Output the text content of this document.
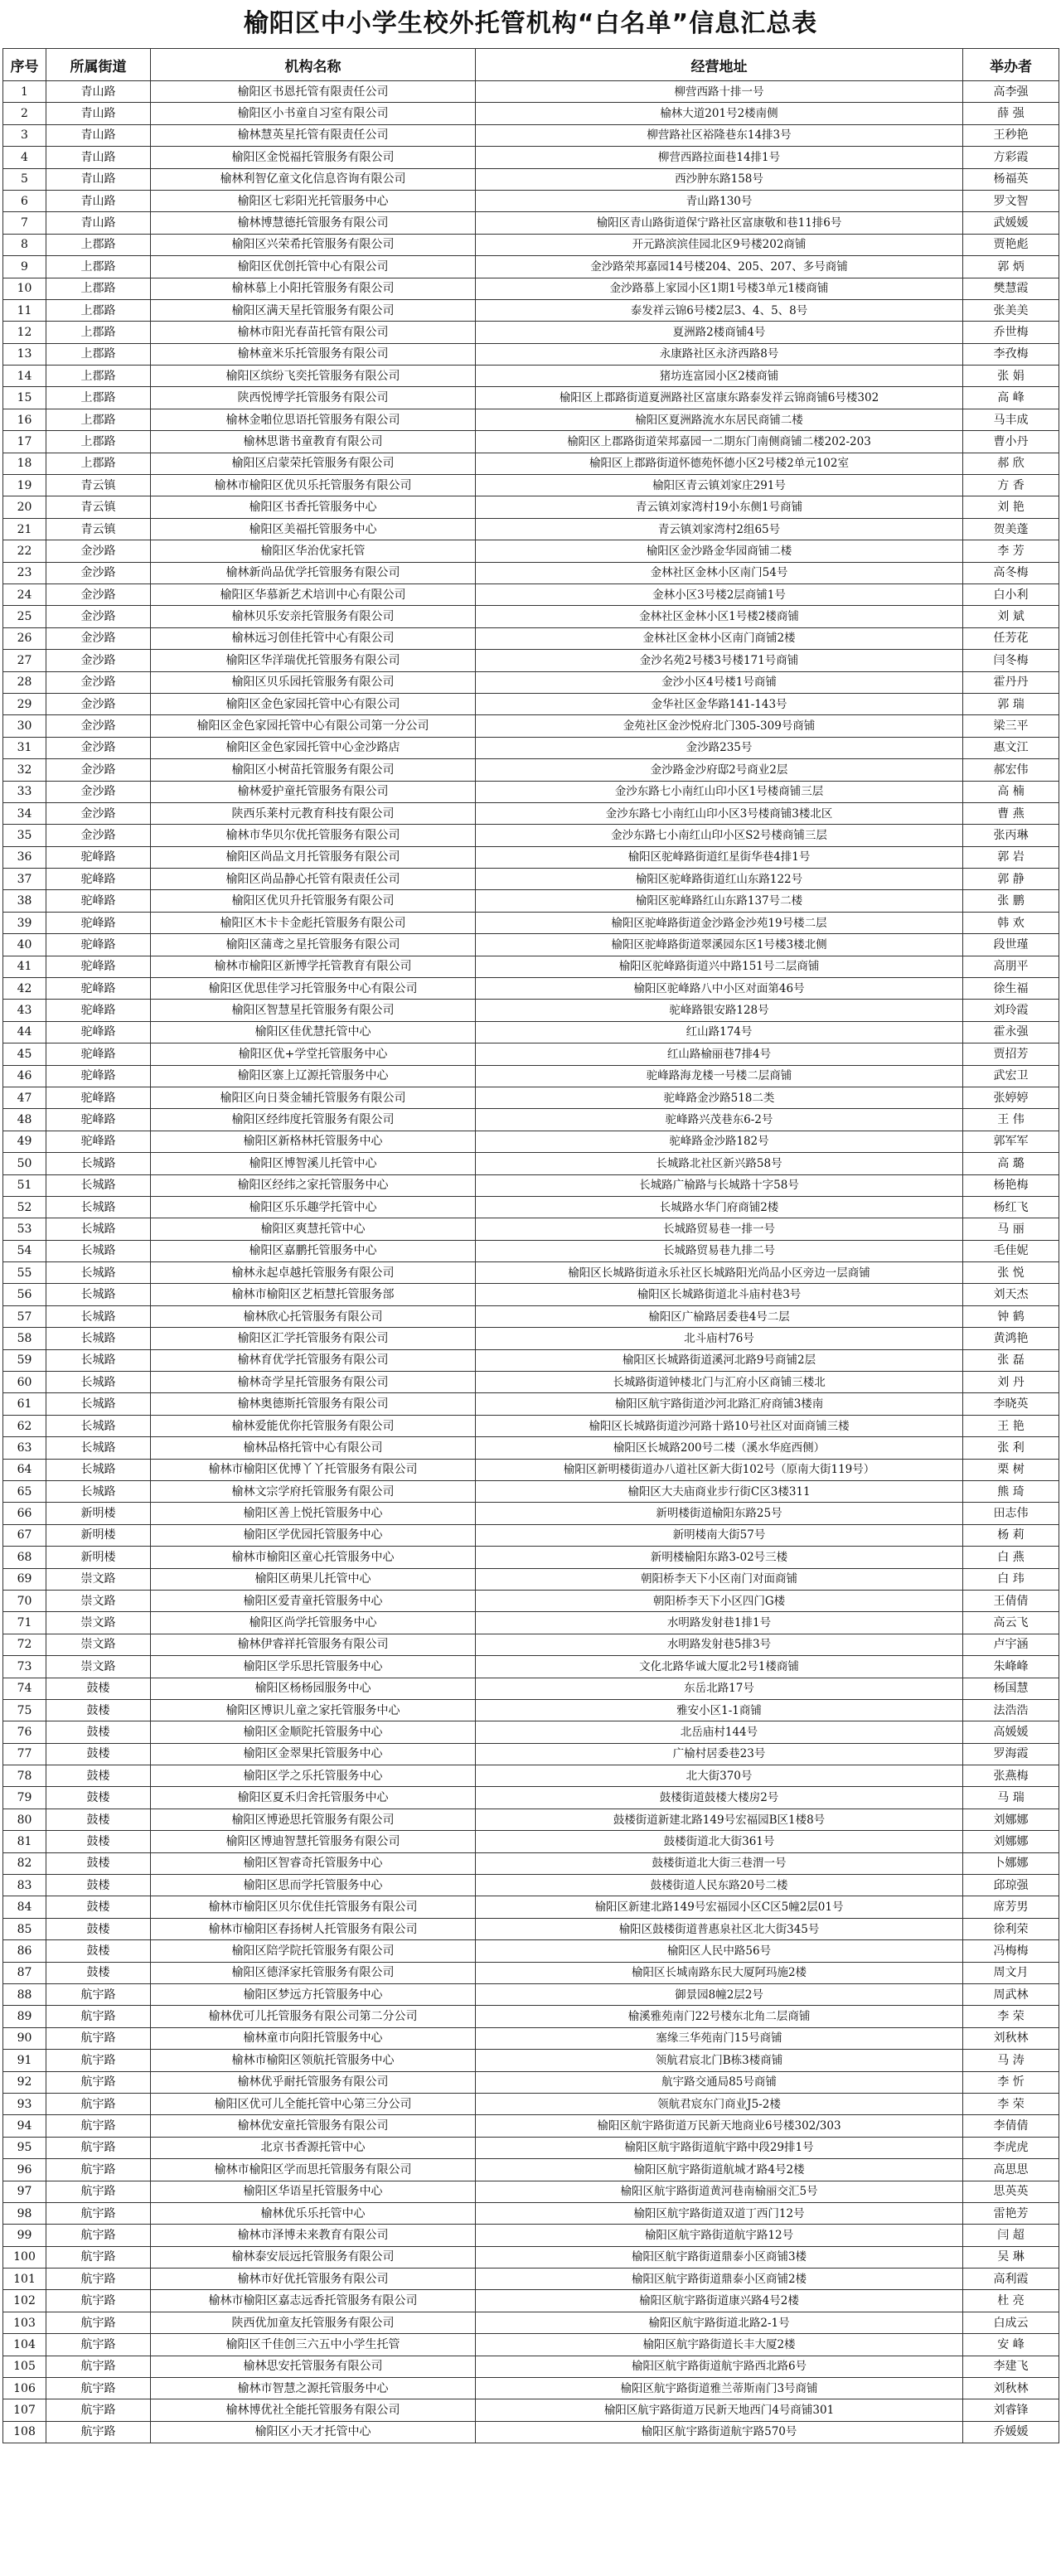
榆阳区中小学生校外托管机构“白名单”信息汇总表
序号	所属街道	机构名称	经营地址	举办者
1	青山路	榆阳区书恩托管有限责任公司	柳营西路十排一号	高李强
2	青山路	榆阳区小书童自习室有限公司	榆林大道201号2楼南侧	薛 强
3	青山路	榆林慧英星托管有限责任公司	柳营路社区裕隆巷东14排3号	王秒艳
4	青山路	榆阳区金悦福托管服务有限公司	柳营西路拉面巷14排1号	方彩霞
5	青山路	榆林利智亿童文化信息咨询有限公司	西沙肿东路158号	杨福英
6	青山路	榆阳区七彩阳光托管服务中心	青山路130号	罗文智
7	青山路	榆林博慧德托管服务有限公司	榆阳区青山路街道保宁路社区富康敬和巷11排6号	武媛媛
8	上郡路	榆阳区兴荣希托管服务有限公司	开元路滨滨佳园北区9号楼202商铺	贾艳彪
9	上郡路	榆阳区优创托管中心有限公司	金沙路荣邦嘉园14号楼204、205、207、多号商铺	郭 炳
10	上郡路	榆林慕上小阳托管服务有限公司	金沙路慕上家园小区1期1号楼3单元1楼商铺	樊慧霞
11	上郡路	榆阳区满天星托管服务有限公司	泰发祥云锦6号楼2层3、4、5、8号	张美美
12	上郡路	榆林市阳光春苗托管有限公司	夏洲路2楼商铺4号	乔世梅
13	上郡路	榆林童米乐托管服务有限公司	永康路社区永济西路8号	李孜梅
14	上郡路	榆阳区缤纷飞奕托管服务有限公司	猪坊连富园小区2楼商铺	张 娟
15	上郡路	陕西悦博学托管服务有限公司	榆阳区上郡路街道夏洲路社区富康东路泰发祥云锦商铺6号楼302	高 峰
16	上郡路	榆林金啪位思语托管服务有限公司	榆阳区夏洲路流水东居民商铺二楼	马丰成
17	上郡路	榆林思谐书童教育有限公司	榆阳区上郡路街道荣邦嘉园一二期东门南侧商铺二楼202-203	曹小丹
18	上郡路	榆阳区启蒙荣托管服务有限公司	榆阳区上郡路街道怀德苑怀德小区2号楼2单元102室	郝 欣
19	青云镇	榆林市榆阳区优贝乐托管服务有限公司	榆阳区青云镇刘家庄291号	方 香
20	青云镇	榆阳区书香托管服务中心	青云镇刘家湾村19小东侧1号商铺	刘 艳
21	青云镇	榆阳区美福托管服务中心	青云镇刘家湾村2组65号	贺美蓬
22	金沙路	榆阳区华治优家托管	榆阳区金沙路金华园商铺二楼	李 芳
23	金沙路	榆林新尚品优学托管服务有限公司	金林社区金林小区南门54号	高冬梅
24	金沙路	榆阳区华慕新艺术培训中心有限公司	金林小区3号楼2层商铺1号	白小利
25	金沙路	榆林贝乐安亲托管服务有限公司	金林社区金林小区1号楼2楼商铺	刘 斌
26	金沙路	榆林远习创佳托管中心有限公司	金林社区金林小区南门商铺2楼	任芳花
27	金沙路	榆阳区华洋瑞优托管服务有限公司	金沙名苑2号楼3号楼171号商铺	闫冬梅
28	金沙路	榆阳区贝乐园托管服务有限公司	金沙小区4号楼1号商铺	霍丹丹
29	金沙路	榆阳区金色家园托管中心有限公司	金华社区金华路141-143号	郭 瑞
30	金沙路	榆阳区金色家园托管中心有限公司第一分公司	金苑社区金沙悦府北门305-309号商铺	梁三平
31	金沙路	榆阳区金色家园托管中心金沙路店	金沙路235号	惠文江
32	金沙路	榆阳区小树苗托管服务有限公司	金沙路金沙府邸2号商业2层	郝宏伟
33	金沙路	榆林爱护童托管服务有限公司	金沙东路七小南红山印小区1号楼商铺三层	高 楠
34	金沙路	陕西乐莱村元教育科技有限公司	金沙东路七小南红山印小区3号楼商铺3楼北区	曹 燕
35	金沙路	榆林市华贝尔优托管服务有限公司	金沙东路七小南红山印小区S2号楼商铺三层	张丙琳
36	驼峰路	榆阳区尚品文月托管服务有限公司	榆阳区驼峰路街道红星街华巷4排1号	郭 岩
37	驼峰路	榆阳区尚品静心托管有限责任公司	榆阳区驼峰路街道红山东路122号	郭 静
38	驼峰路	榆阳区优贝升托管服务有限公司	榆阳区驼峰路红山东路137号二楼	张 鹏
39	驼峰路	榆阳区木卡卡金彪托管服务有限公司	榆阳区驼峰路街道金沙路金沙苑19号楼二层	韩 欢
40	驼峰路	榆阳区蒲鸢之星托管服务有限公司	榆阳区驼峰路街道翠溪园东区1号楼3楼北侧	段世瑾
41	驼峰路	榆林市榆阳区新博学托管教育有限公司	榆阳区驼峰路街道兴中路151号二层商铺	高朋平
42	驼峰路	榆阳区优思佳学习托管服务中心有限公司	榆阳区驼峰路八中小区对面第46号	徐生福
43	驼峰路	榆阳区智慧星托管服务有限公司	驼峰路银安路128号	刘玲霞
44	驼峰路	榆阳区佳优慧托管中心	红山路174号	霍永强
45	驼峰路	榆阳区优+学堂托管服务中心	红山路榆丽巷7排4号	贾招芳
46	驼峰路	榆阳区寨上辽源托管服务中心	驼峰路海龙楼一号楼二层商铺	武宏卫
47	驼峰路	榆阳区向日葵金辅托管服务有限公司	驼峰路金沙路518二类	张婷婷
48	驼峰路	榆阳区经纬度托管服务有限公司	驼峰路兴茂巷东6-2号	王 伟
49	驼峰路	榆阳区新格林托管服务中心	驼峰路金沙路182号	郭军军
50	长城路	榆阳区博智溪儿托管中心	长城路北社区新兴路58号	高 璐
51	长城路	榆阳区经纬之家托管服务中心	长城路广榆路与长城路十字58号	杨艳梅
52	长城路	榆阳区乐乐趣学托管中心	长城路水华门府商铺2楼	杨红飞
53	长城路	榆阳区爽慧托管中心	长城路贸易巷一排一号	马 丽
54	长城路	榆阳区嘉鹏托管服务中心	长城路贸易巷九排二号	毛佳妮
55	长城路	榆林永起卓越托管服务有限公司	榆阳区长城路街道永乐社区长城路阳光尚品小区旁边一层商铺	张 悦
56	长城路	榆林市榆阳区艺栢慧托管服务部	榆阳区长城路街道北斗庙村巷3号	刘天杰
57	长城路	榆林欣心托管服务有限公司	榆阳区广榆路居委巷4号二层	钟 鹤
58	长城路	榆阳区汇学托管服务有限公司	北斗庙村76号	黄鸿艳
59	长城路	榆林育优学托管服务有限公司	榆阳区长城路街道溪河北路9号商铺2层	张 磊
60	长城路	榆林奇学星托管服务有限公司	长城路街道钟楼北门与汇府小区商铺三楼北	刘 丹
61	长城路	榆林奥德斯托管服务有限公司	榆阳区航宇路街道沙河北路汇府商铺3楼南	李晓英
62	长城路	榆林爱能优你托管服务有限公司	榆阳区长城路街道沙河路十路10号社区对面商铺三楼	王 艳
63	长城路	榆林品格托管中心有限公司	榆阳区长城路200号二楼（溪水华庭西侧）	张 利
64	长城路	榆林市榆阳区优博丫丫托管服务有限公司	榆阳区新明楼街道办八道社区新大街102号（原南大街119号）	栗 树
65	长城路	榆林文宗学府托管服务有限公司	榆阳区大夫庙商业步行街C区3楼311	熊 琦
66	新明楼	榆阳区善上悦托管服务中心	新明楼街道榆阳东路25号	田志伟
67	新明楼	榆阳区学优园托管服务中心	新明楼南大街57号	杨 莉
68	新明楼	榆林市榆阳区童心托管服务中心	新明楼榆阳东路3-02号三楼	白 燕
69	崇文路	榆阳区萌果儿托管中心	朝阳桥李天下小区南门对面商铺	白 玮
70	崇文路	榆阳区爱青童托管服务中心	朝阳桥李天下小区四门G楼	王倩倩
71	崇文路	榆阳区尚学托管服务中心	水明路发射巷1排1号	高云飞
72	崇文路	榆林伊睿祥托管服务有限公司	水明路发射巷5排3号	卢宇涵
73	崇文路	榆阳区学乐思托管服务中心	文化北路华诚大厦北2号1楼商铺	朱峰峰
74	鼓楼	榆阳区杨杨园服务中心	东岳北路17号	杨国慧
75	鼓楼	榆阳区博识儿童之家托管服务中心	雅安小区1-1商铺	法浩浩
76	鼓楼	榆阳区金顺陀托管服务中心	北岳庙村144号	高媛媛
77	鼓楼	榆阳区金翠果托管服务中心	广榆村居委巷23号	罗海霞
78	鼓楼	榆阳区学之乐托管服务中心	北大街370号	张燕梅
79	鼓楼	榆阳区夏禾归舍托管服务中心	鼓楼街道鼓楼大楼房2号	马 瑞
80	鼓楼	榆阳区博逊思托管服务有限公司	鼓楼街道新建北路149号宏福园B区1楼8号	刘娜娜
81	鼓楼	榆阳区博迪智慧托管服务有限公司	鼓楼街道北大街361号	刘娜娜
82	鼓楼	榆阳区智睿奇托管服务中心	鼓楼街道北大街三巷渭一号	卜娜娜
83	鼓楼	榆阳区思而学托管服务中心	鼓楼街道人民东路20号二楼	邱琼强
84	鼓楼	榆林市榆阳区贝尔优佳托管服务有限公司	榆阳区新建北路149号宏福园小区C区5幢2层01号	席芳男
85	鼓楼	榆林市榆阳区春扬树人托管服务有限公司	榆阳区鼓楼街道普惠泉社区北大街345号	徐利荣
86	鼓楼	榆阳区陪学院托管服务有限公司	榆阳区人民中路56号	冯梅梅
87	鼓楼	榆阳区德泽家托管服务有限公司	榆阳区长城南路东民大厦阿玛施2楼	周文月
88	航宇路	榆阳区梦远方托管服务中心	御景园8幢2层2号	周武林
89	航宇路	榆林优可儿托管服务有限公司第二分公司	榆溪雅苑南门22号楼东北角二层商铺	李 荣
90	航宇路	榆林童市向阳托管服务中心	塞缘三华苑南门15号商铺	刘秋林
91	航宇路	榆林市榆阳区领航托管服务中心	领航君宸北门B栋3楼商铺	马 涛
92	航宇路	榆林优乎耐托管服务有限公司	航宇路交通局85号商铺	李 忻
93	航宇路	榆阳区优可儿全能托管中心第三分公司	领航君宸东门商业J5-2楼	李 荣
94	航宇路	榆林优安童托管服务有限公司	榆阳区航宇路街道万民新天地商业6号楼302/303	李倩倩
95	航宇路	北京书香源托管中心	榆阳区航宇路街道航宇路中段29排1号	李虎虎
96	航宇路	榆林市榆阳区学而思托管服务有限公司	榆阳区航宇路街道航城才路4号2楼	高思思
97	航宇路	榆阳区华语星托管服务中心	榆阳区航宇路街道黄河巷南榆丽交汇5号	思英英
98	航宇路	榆林优乐乐托管中心	榆阳区航宇路街道双道丁西门12号	雷艳芳
99	航宇路	榆林市泽博未来教育有限公司	榆阳区航宇路街道航宇路12号	闫 超
100	航宇路	榆林泰安辰远托管服务有限公司	榆阳区航宇路街道鼎泰小区商铺3楼	吴 琳
101	航宇路	榆林市好优托管服务有限公司	榆阳区航宇路街道鼎泰小区商铺2楼	高利霞
102	航宇路	榆林市榆阳区嘉志远香托管服务有限公司	榆阳区航宇路街道康兴路4号2楼	杜 亮
103	航宇路	陕西优加童友托管服务有限公司	榆阳区航宇路街道北路2-1号	白成云
104	航宇路	榆阳区千佳创三六五中小学生托管	榆阳区航宇路街道长丰大厦2楼	安 峰
105	航宇路	榆林思安托管服务有限公司	榆阳区航宇路街道航宇路西北路6号	李建飞
106	航宇路	榆林市智慧之源托管服务中心	榆阳区航宇路街道雅兰蒂斯南门3号商铺	刘秋林
107	航宇路	榆林博优社全能托管服务有限公司	榆阳区航宇路街道万民新天地西门4号商铺301	刘睿锋
108	航宇路	榆阳区小天才托管中心	榆阳区航宇路街道航宇路570号	乔媛媛
